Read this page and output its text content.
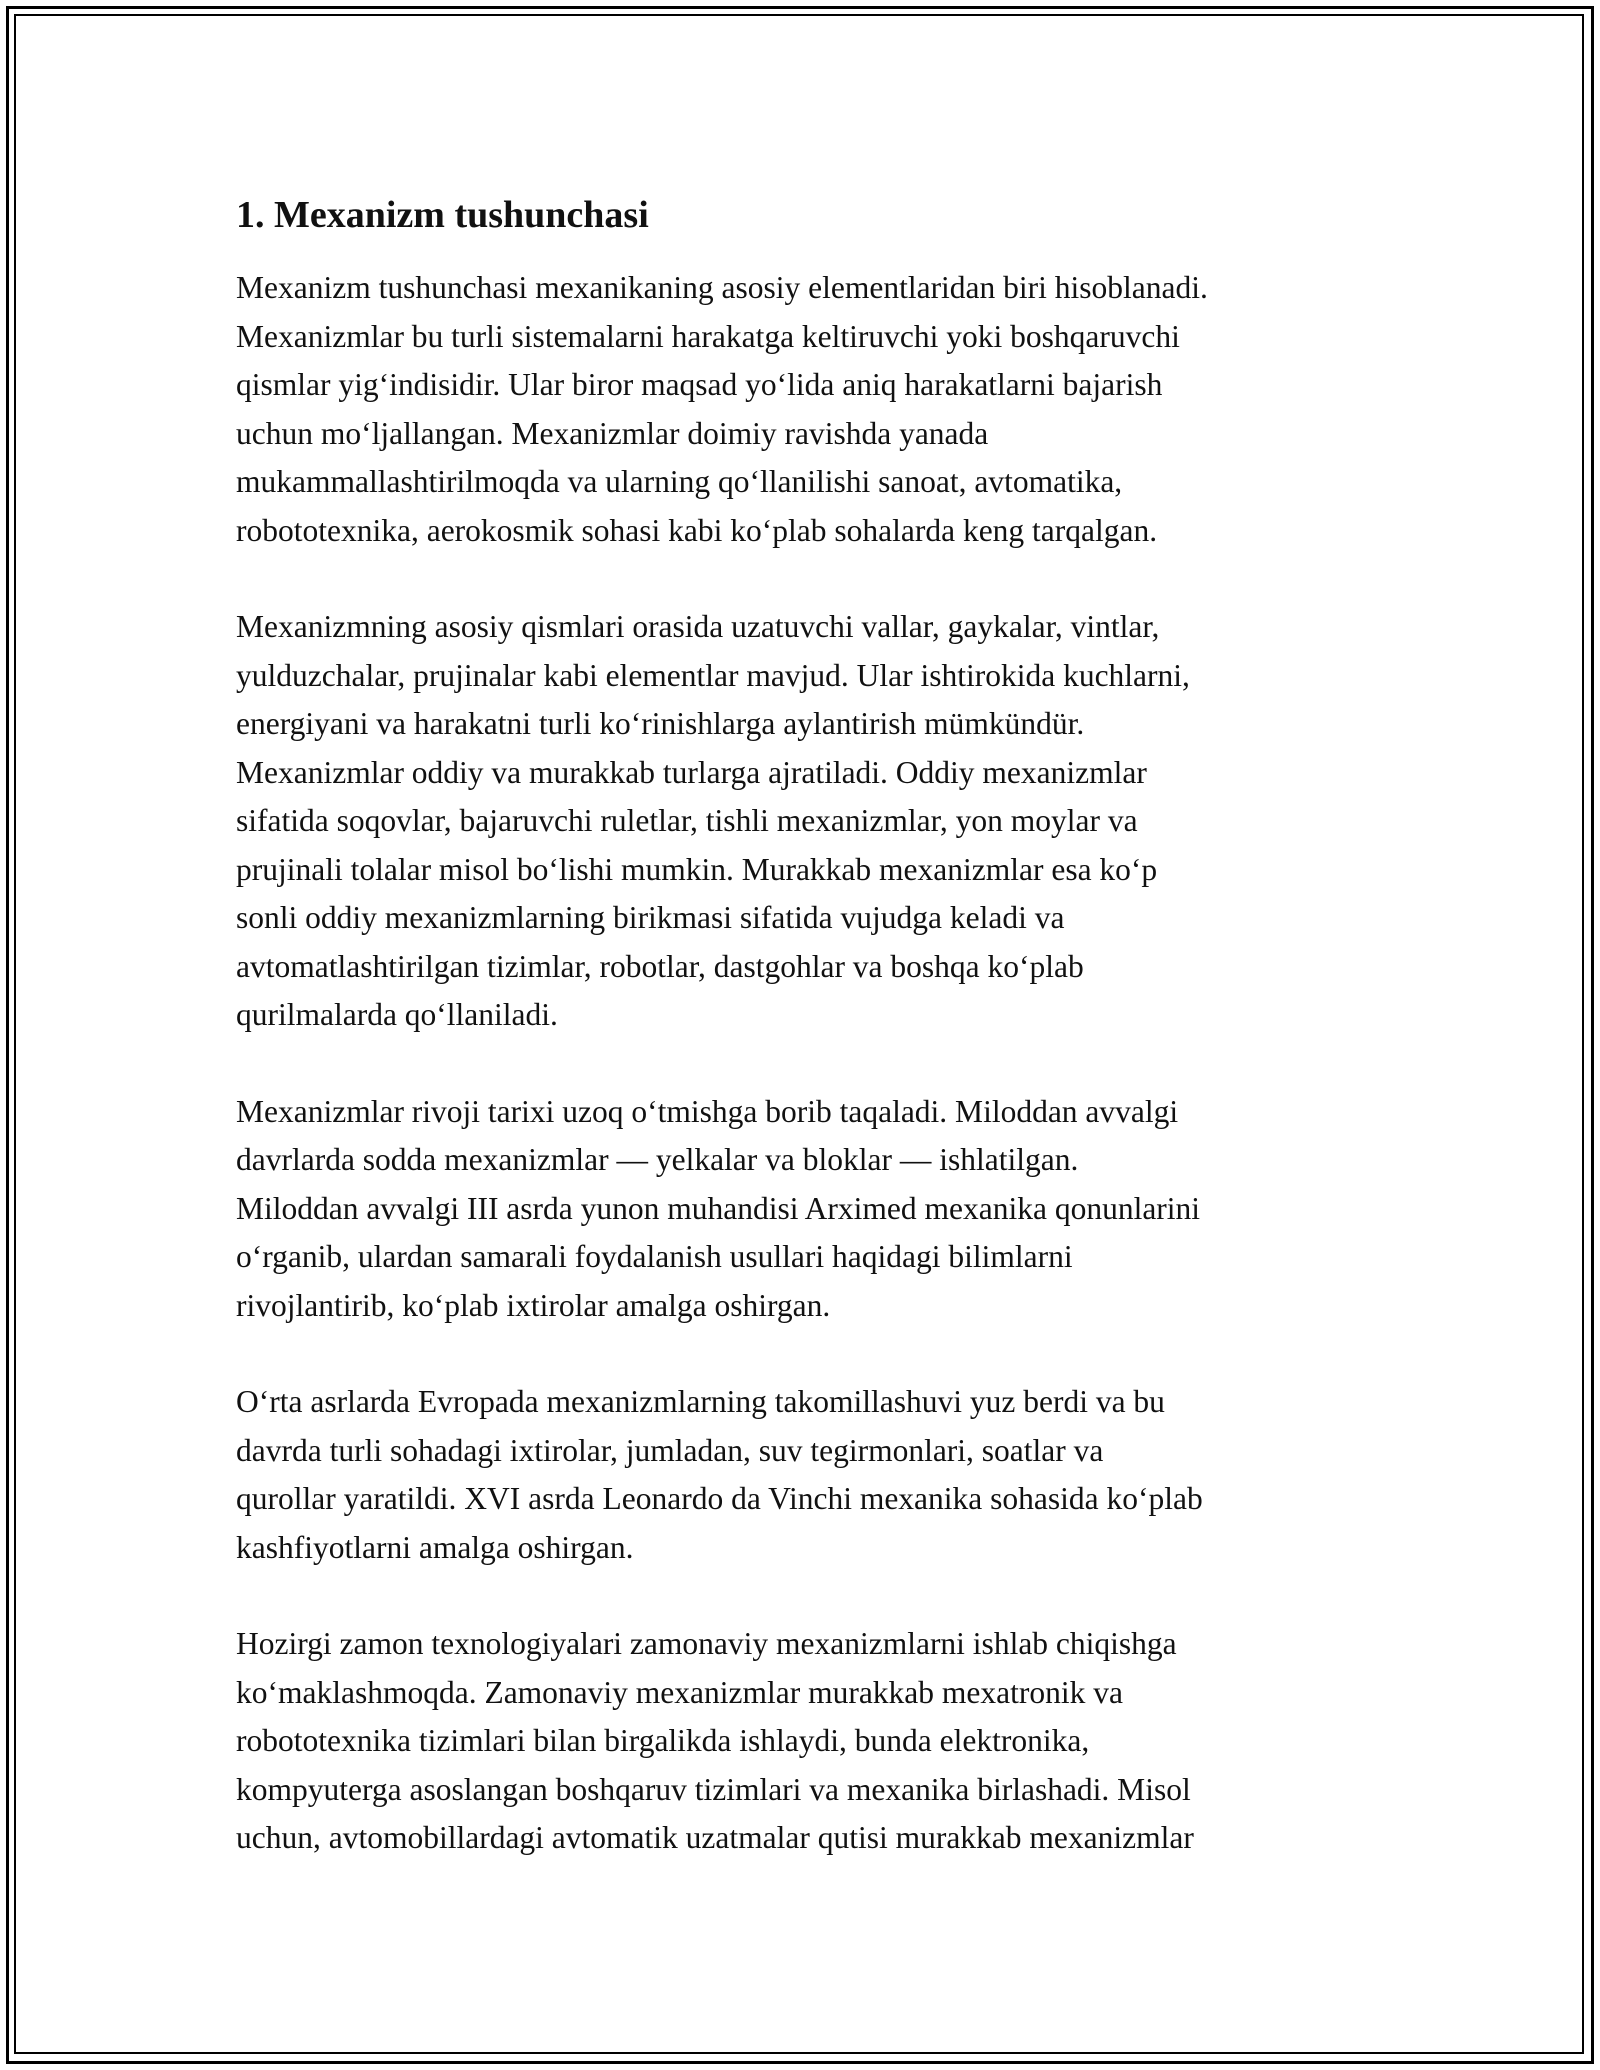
1. Mexanizm tushunchasi

Mexanizm tushunchasi mexanikaning asosiy elementlaridan biri hisoblanadi.
Mexanizmlar bu turli sistemalarni harakatga keltiruvchi yoki boshqaruvchi
qismlar yig‘indisidir. Ular biror maqsad yo‘lida aniq harakatlarni bajarish
uchun mo‘ljallangan. Mexanizmlar doimiy ravishda yanada
mukammallashtirilmoqda va ularning qo‘llanilishi sanoat, avtomatika,
robototexnika, aerokosmik sohasi kabi ko‘plab sohalarda keng tarqalgan.

Mexanizmning asosiy qismlari orasida uzatuvchi vallar, gaykalar, vintlar,
yulduzchalar, prujinalar kabi elementlar mavjud. Ular ishtirokida kuchlarni,
energiyani va harakatni turli ko‘rinishlarga aylantirish mümkündür.
Mexanizmlar oddiy va murakkab turlarga ajratiladi. Oddiy mexanizmlar
sifatida soqovlar, bajaruvchi ruletlar, tishli mexanizmlar, yon moylar va
prujinali tolalar misol bo‘lishi mumkin. Murakkab mexanizmlar esa ko‘p
sonli oddiy mexanizmlarning birikmasi sifatida vujudga keladi va
avtomatlashtirilgan tizimlar, robotlar, dastgohlar va boshqa ko‘plab
qurilmalarda qo‘llaniladi.

Mexanizmlar rivoji tarixi uzoq o‘tmishga borib taqaladi. Miloddan avvalgi
davrlarda sodda mexanizmlar — yelkalar va bloklar — ishlatilgan.
Miloddan avvalgi III asrda yunon muhandisi Arximed mexanika qonunlarini
o‘rganib, ulardan samarali foydalanish usullari haqidagi bilimlarni
rivojlantirib, ko‘plab ixtirolar amalga oshirgan.

O‘rta asrlarda Evropada mexanizmlarning takomillashuvi yuz berdi va bu
davrda turli sohadagi ixtirolar, jumladan, suv tegirmonlari, soatlar va
qurollar yaratildi. XVI asrda Leonardo da Vinchi mexanika sohasida ko‘plab
kashfiyotlarni amalga oshirgan.

Hozirgi zamon texnologiyalari zamonaviy mexanizmlarni ishlab chiqishga
ko‘maklashmoqda. Zamonaviy mexanizmlar murakkab mexatronik va
robototexnika tizimlari bilan birgalikda ishlaydi, bunda elektronika,
kompyuterga asoslangan boshqaruv tizimlari va mexanika birlashadi. Misol
uchun, avtomobillardagi avtomatik uzatmalar qutisi murakkab mexanizmlar
